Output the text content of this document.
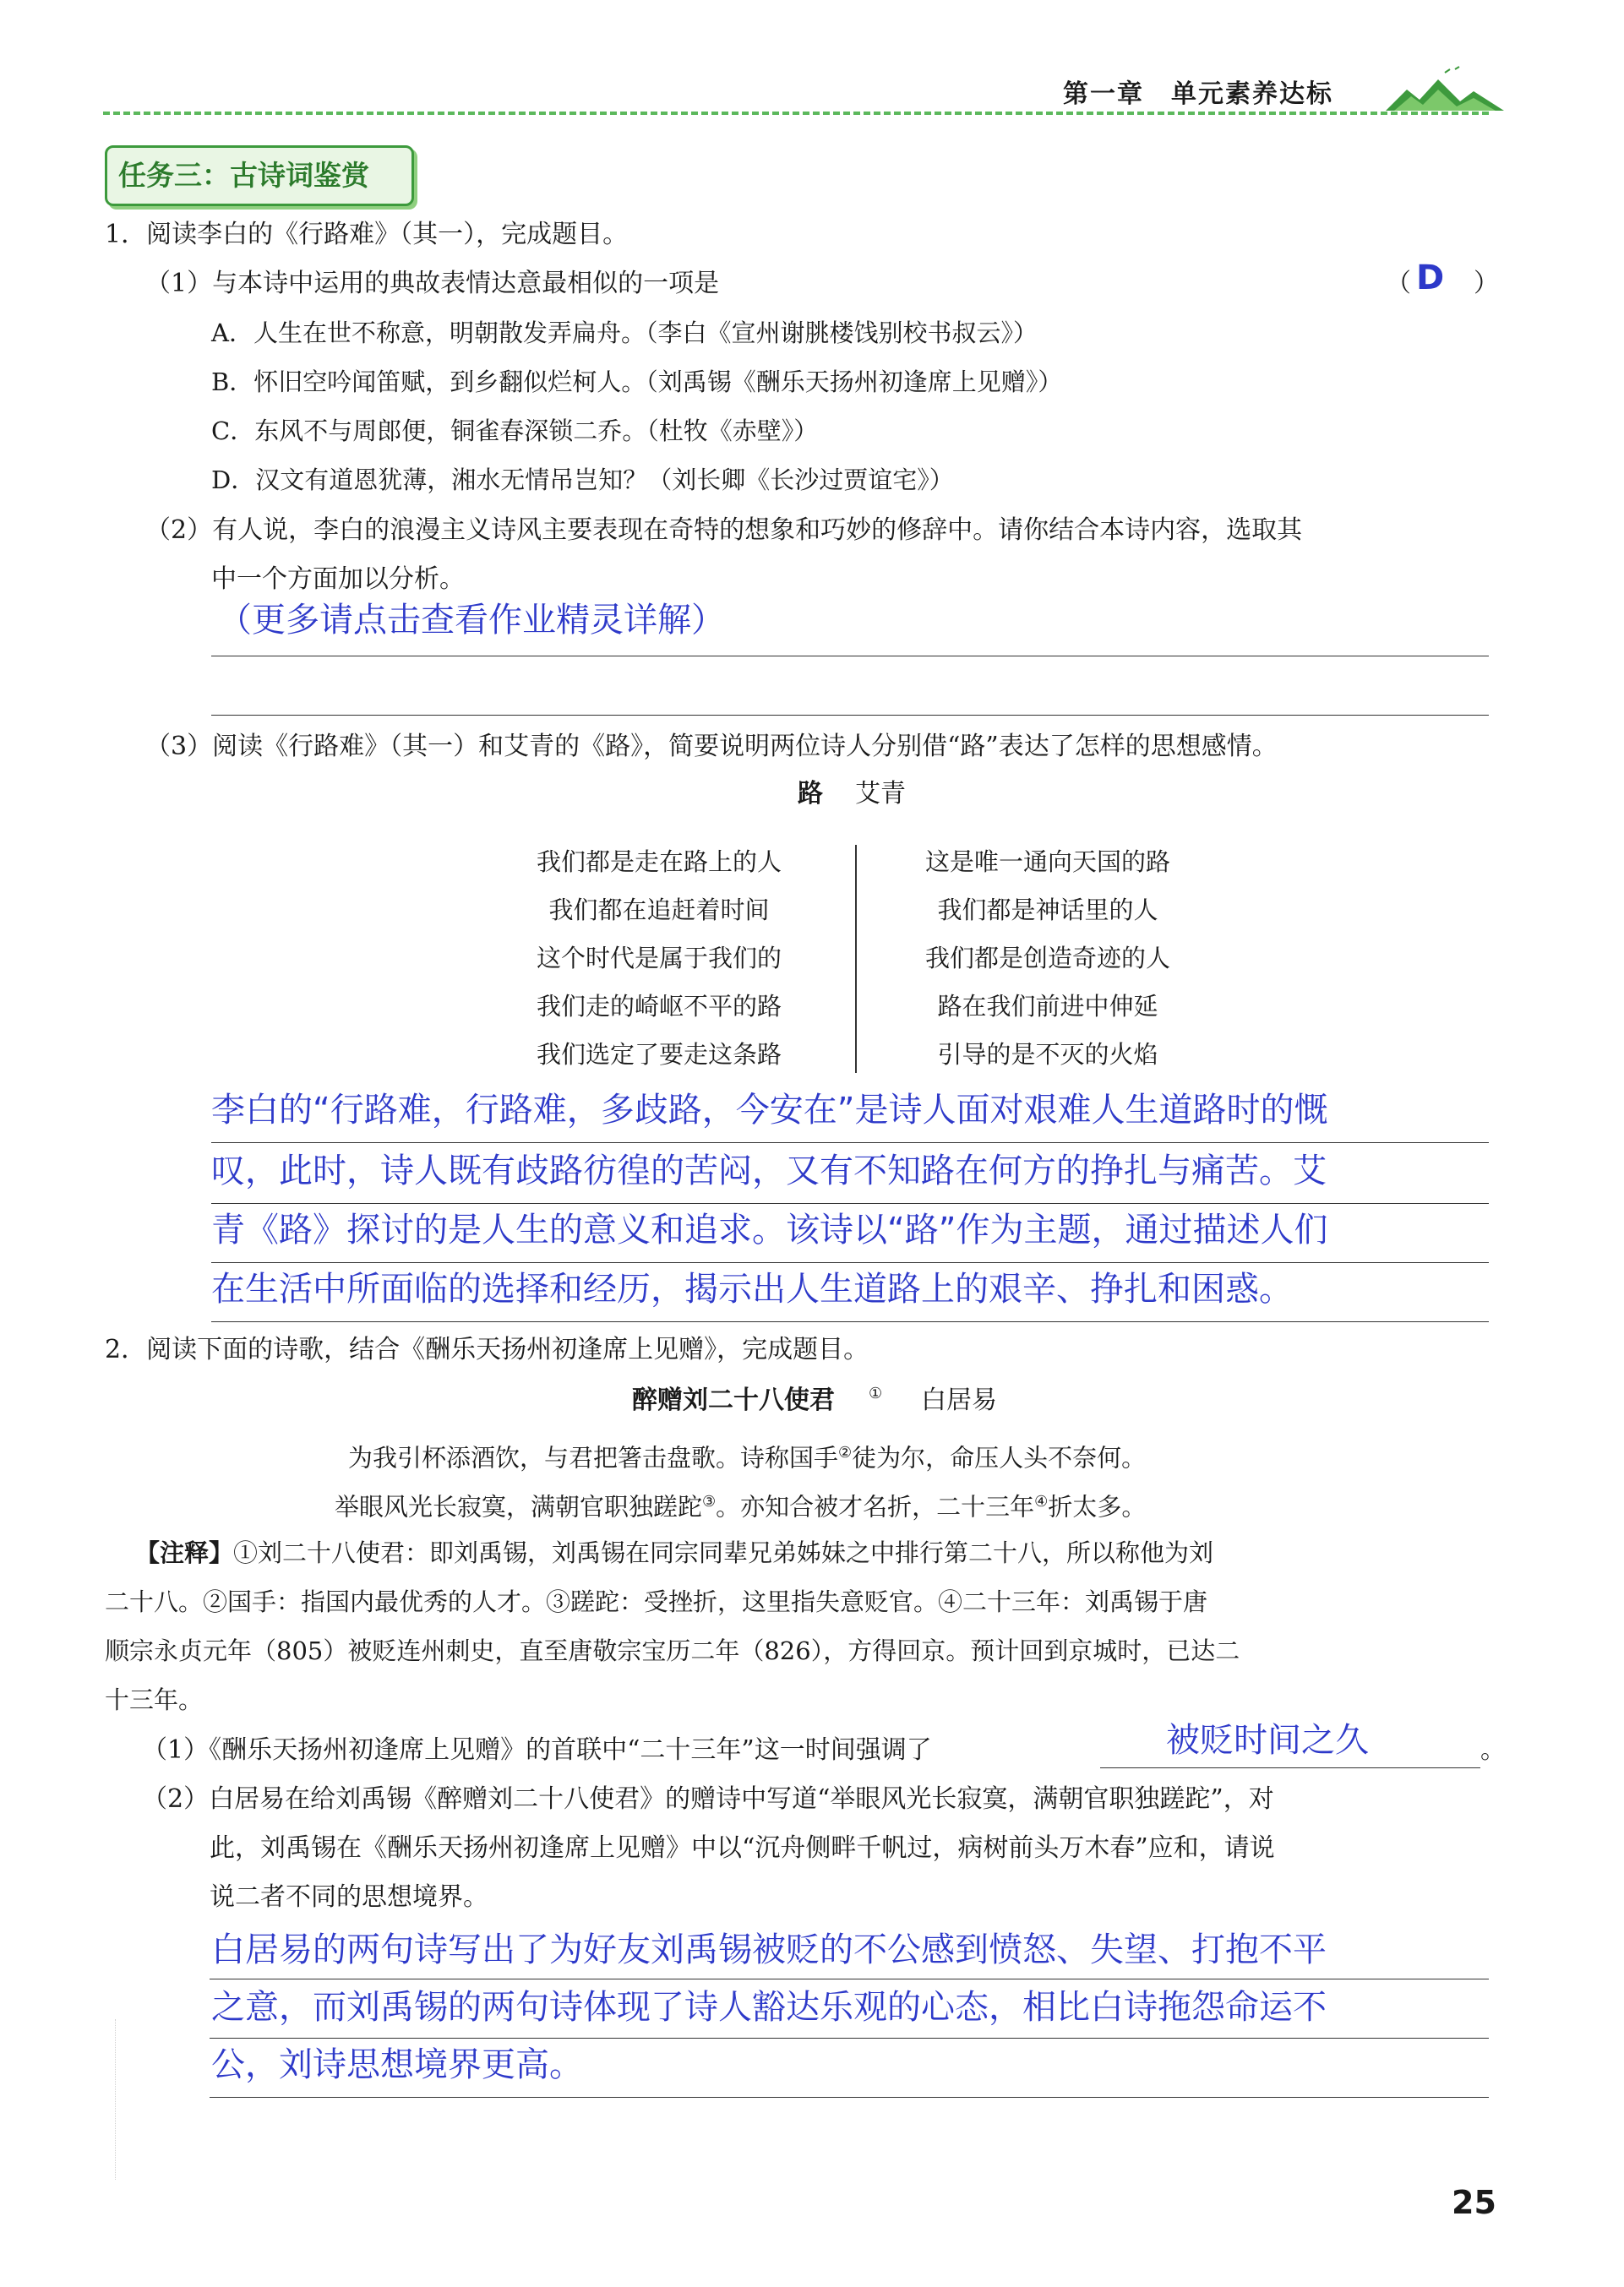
第一章　单元素养达标
任务三：古诗词鉴赏
1．阅读李白的《行路难》（其一），完成题目。
（1）与本诗中运用的典故表情达意最相似的一项是	（ D ）
A．人生在世不称意，明朝散发弄扁舟。（李白《宣州谢朓楼饯别校书叔云》）
B．怀旧空吟闻笛赋，到乡翻似烂柯人。（刘禹锡《酬乐天扬州初逢席上见赠》）
C．东风不与周郎便，铜雀春深锁二乔。（杜牧《赤壁》）
D．汉文有道恩犹薄，湘水无情吊岂知？（刘长卿《长沙过贾谊宅》）
（2）有人说，李白的浪漫主义诗风主要表现在奇特的想象和巧妙的修辞中。请你结合本诗内容，选取其
中一个方面加以分析。
（更多请点击查看作业精灵详解）
（3）阅读《行路难》（其一）和艾青的《路》，简要说明两位诗人分别借“路”表达了怎样的思想感情。
路 艾青
我们都是走在路上的人
我们都在追赶着时间
这个时代是属于我们的
我们走的崎岖不平的路
我们选定了要走这条路
这是唯一通向天国的路
我们都是神话里的人
我们都是创造奇迹的人
路在我们前进中伸延
引导的是不灭的火焰
李白的“行路难，行路难，多歧路，今安在”是诗人面对艰难人生道路时的慨
叹，此时，诗人既有歧路彷徨的苦闷，又有不知路在何方的挣扎与痛苦。艾
青《路》探讨的是人生的意义和追求。该诗以“路”作为主题，通过描述人们
在生活中所面临的选择和经历，揭示出人生道路上的艰辛、挣扎和困惑。
2．阅读下面的诗歌，结合《酬乐天扬州初逢席上见赠》，完成题目。
醉赠刘二十八使君 ① 白居易
为我引杯添酒饮，与君把箸击盘歌。诗称国手②徒为尔，命压人头不奈何。
举眼风光长寂寞，满朝官职独蹉跎③。亦知合被才名折，二十三年④折太多。
【注释】①刘二十八使君：即刘禹锡，刘禹锡在同宗同辈兄弟姊妹之中排行第二十八，所以称他为刘
二十八。②国手：指国内最优秀的人才。③蹉跎：受挫折，这里指失意贬官。④二十三年：刘禹锡于唐
顺宗永贞元年（805）被贬连州刺史，直至唐敬宗宝历二年（826），方得回京。预计回到京城时，已达二
十三年。
（1）《酬乐天扬州初逢席上见赠》的首联中“二十三年”这一时间强调了	被贬时间之久	。
（2）白居易在给刘禹锡《醉赠刘二十八使君》的赠诗中写道“举眼风光长寂寞，满朝官职独蹉跎”，对
此，刘禹锡在《酬乐天扬州初逢席上见赠》中以“沉舟侧畔千帆过，病树前头万木春”应和，请说
说二者不同的思想境界。
白居易的两句诗写出了为好友刘禹锡被贬的不公感到愤怒、失望、打抱不平
之意，而刘禹锡的两句诗体现了诗人豁达乐观的心态，相比白诗拖怨命运不
公，刘诗思想境界更高。
25
